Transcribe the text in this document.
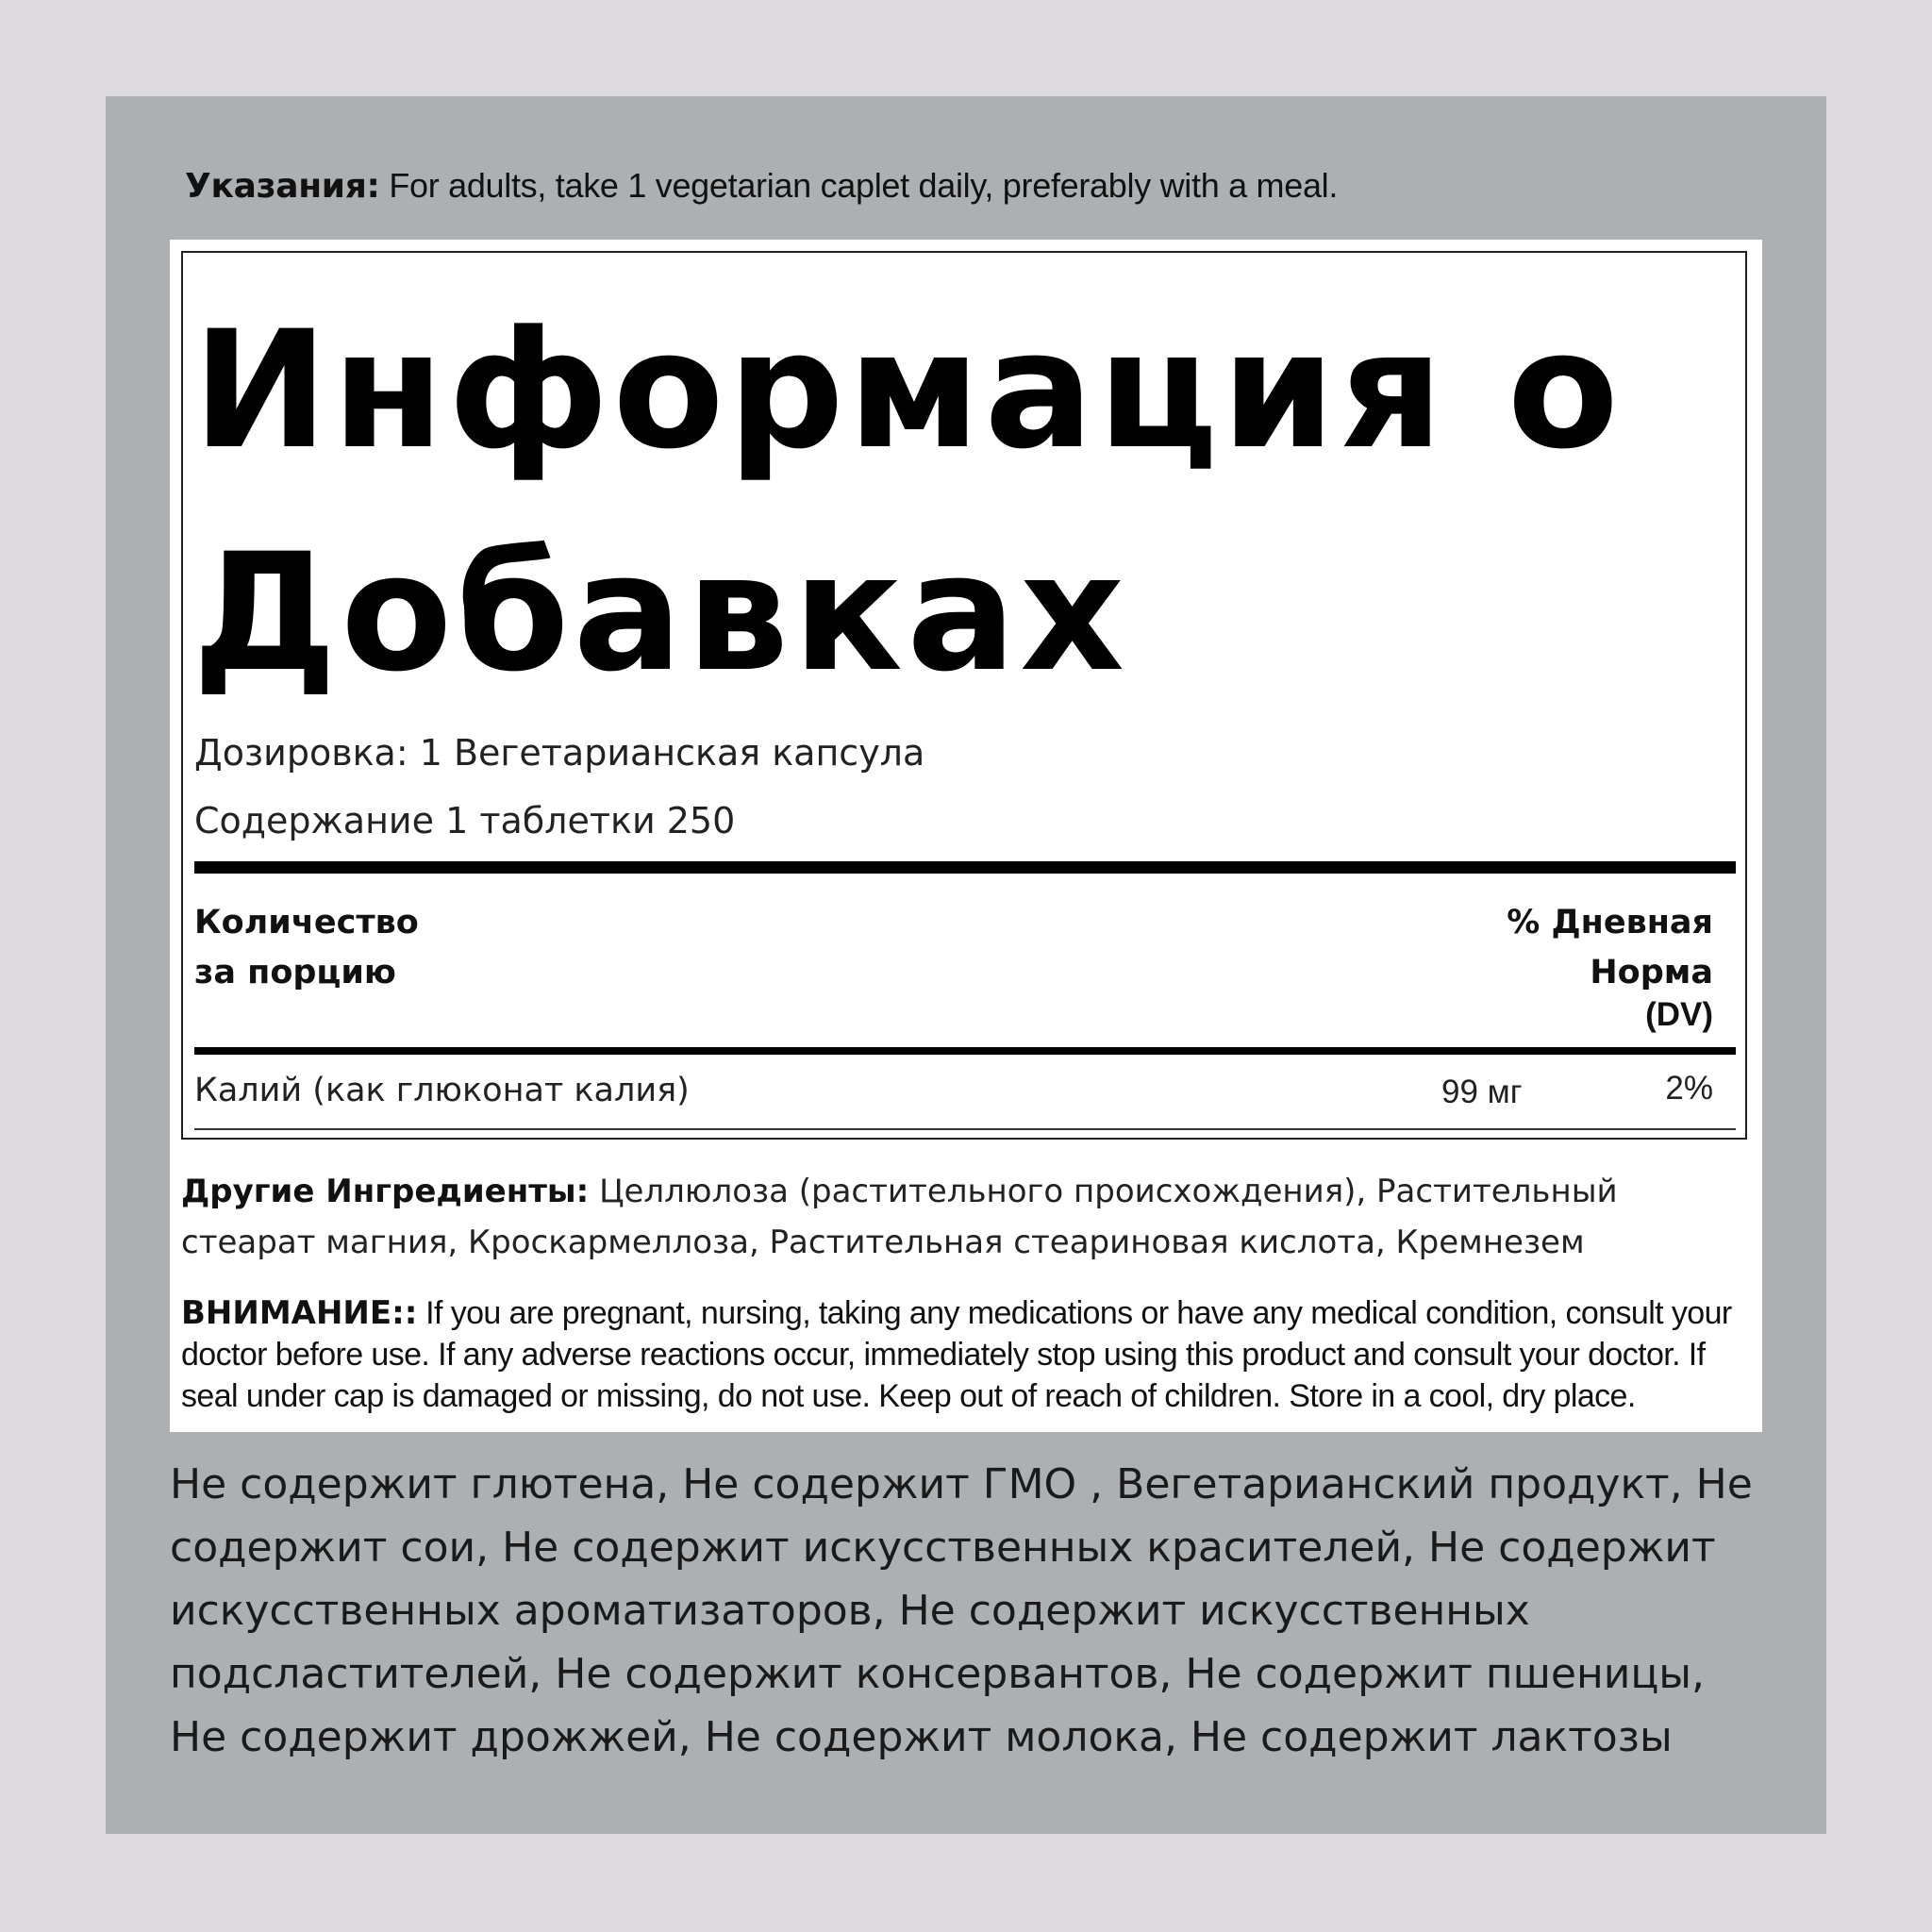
Указания: For adults, take 1 vegetarian caplet daily, preferably with a meal.
Информация о Добавках
Дозировка: 1 Вегетарианская капсула
Содержание 1 таблетки 250
Количество
за порцию
% Дневная
Норма
(DV)
Калий (как глюконат калия)	99 мг	2%
Другие Ингредиенты: Целлюлоза (растительного происхождения), Растительный стеарат магния, Кроскармеллоза, Растительная стеариновая кислота, Кремнезем
ВНИМАНИЕ:: If you are pregnant, nursing, taking any medications or have any medical condition, consult your doctor before use. If any adverse reactions occur, immediately stop using this product and consult your doctor. If seal under cap is damaged or missing, do not use. Keep out of reach of children. Store in a cool, dry place.
Не содержит глютена, Не содержит ГМО , Вегетарианский продукт, Не содержит сои, Не содержит искусственных красителей, Не содержит искусственных ароматизаторов, Не содержит искусственных подсластителей, Не содержит консервантов, Не содержит пшеницы, Не содержит дрожжей, Не содержит молока, Не содержит лактозы
